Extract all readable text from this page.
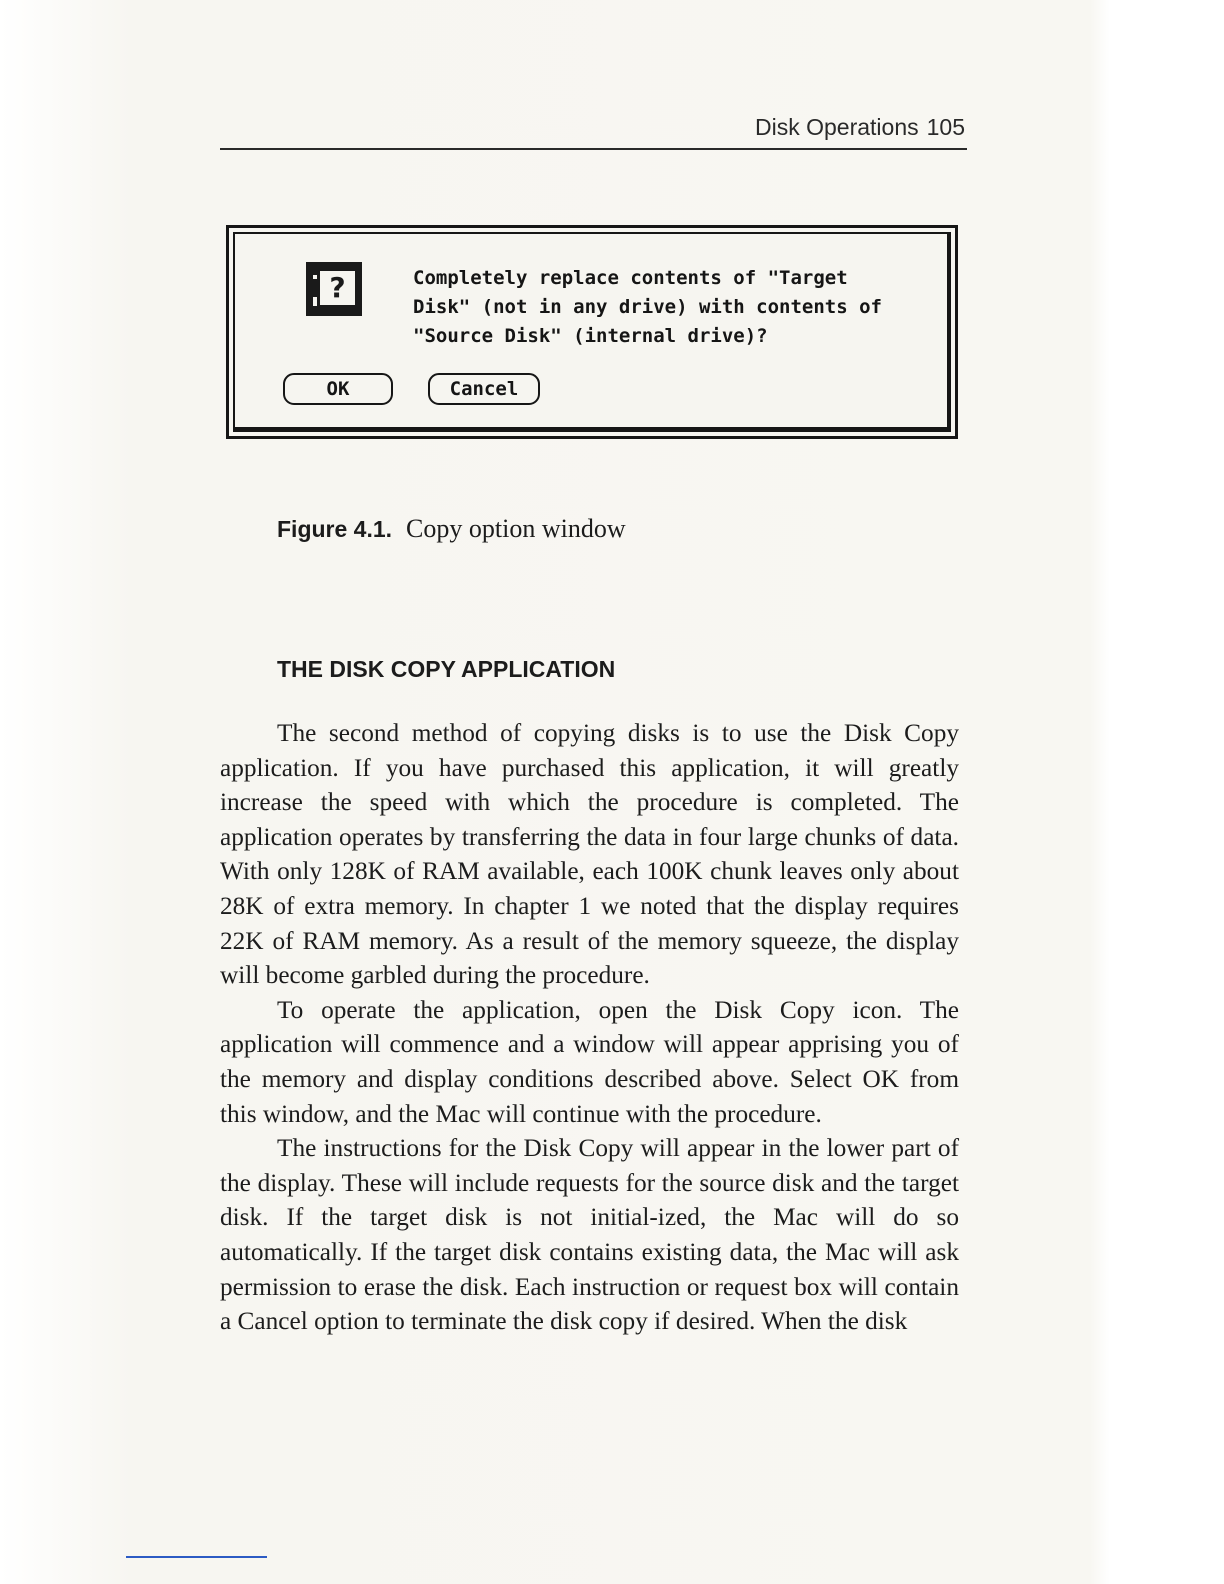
Disk Operations 105
?	Completely replace contents of "Target
Disk" (not in any drive) with contents of
"Source Disk" (internal drive)?
OK	Cancel
Figure 4.1. Copy option window
THE DISK COPY APPLICATION

The second method of copying disks is to use the Disk Copy application. If you have purchased this application, it will greatly increase the speed with which the procedure is completed. The application operates by transferring the data in four large chunks of data. With only 128K of RAM available, each 100K chunk leaves only about 28K of extra memory. In chapter 1 we noted that the display requires 22K of RAM memory. As a result of the memory squeeze, the display will become garbled during the procedure.

To operate the application, open the Disk Copy icon. The application will commence and a window will appear apprising you of the memory and display conditions described above. Select OK from this window, and the Mac will continue with the procedure.

The instructions for the Disk Copy will appear in the lower part of the display. These will include requests for the source disk and the target disk. If the target disk is not initial-ized, the Mac will do so automatically. If the target disk contains existing data, the Mac will ask permission to erase the disk. Each instruction or request box will contain a Cancel option to terminate the disk copy if desired. When the disk
